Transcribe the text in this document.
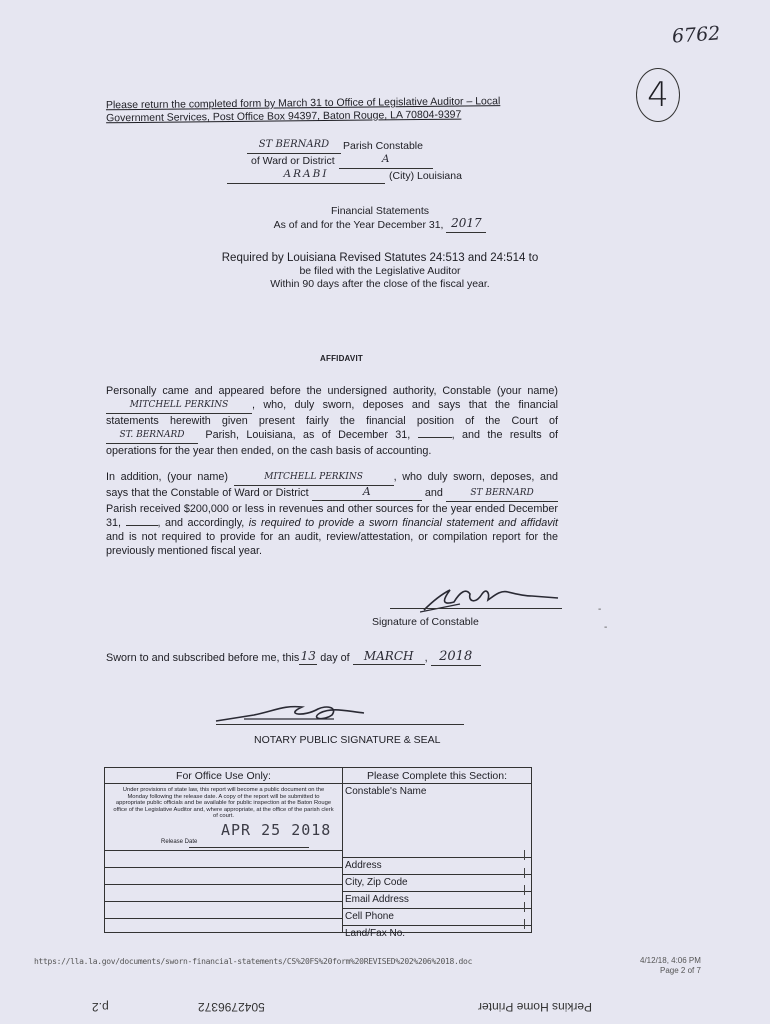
6762
4
Please return the completed form by March 31 to Office of Legislative Auditor – Local
Government Services, Post Office Box 94397, Baton Rouge, LA 70804-9397
ST BERNARD	Parish Constable
of Ward or District	A
ARABI	(City) Louisiana
Financial Statements
As of and for the Year December 31, 2017
Required by Louisiana Revised Statutes 24:513 and 24:514 to
be filed with the Legislative Auditor
Within 90 days after the close of the fiscal year.
AFFIDAVIT
Personally came and appeared before the undersigned authority, Constable (your name) MITCHELL PERKINS , who, duly sworn, deposes and says that the financial statements herewith given present fairly the financial position of the Court of ST. BERNARD Parish, Louisiana, as of December 31,	, and the results of operations for the year then ended, on the cash basis of accounting.
In addition, (your name)	MITCHELL PERKINS	, who duly sworn, deposes, and says that the Constable of Ward or District	A	and	ST BERNARD Parish received $200,000 or less in revenues and other sources for the year ended December 31,	, and accordingly, is required to provide a sworn financial statement and affidavit and is not required to provide for an audit, review/attestation, or compilation report for the previously mentioned fiscal year.
Signature of Constable
-
-
Sworn to and subscribed before me, this13 day of MARCH , 2018
NOTARY PUBLIC SIGNATURE & SEAL
For Office Use Only:
Under provisions of state law, this report will become a public document on the Monday following the release date. A copy of the report will be submitted to appropriate public officials and be available for public inspection at the Baton Rouge office of the Legislative Auditor and, where appropriate, at the office of the parish clerk of court.
APR 25 2018
Release Date
Please Complete this Section:
Constable's Name
Address
City, Zip Code
Email Address
Cell Phone
Land/Fax No.
https://lla.la.gov/documents/sworn-financial-statements/CS%20FS%20form%20REVISED%202%206%2018.doc	4/12/18, 4:06 PM
Page 2 of 7
Perkins Home Printer
5042796372
p.2
